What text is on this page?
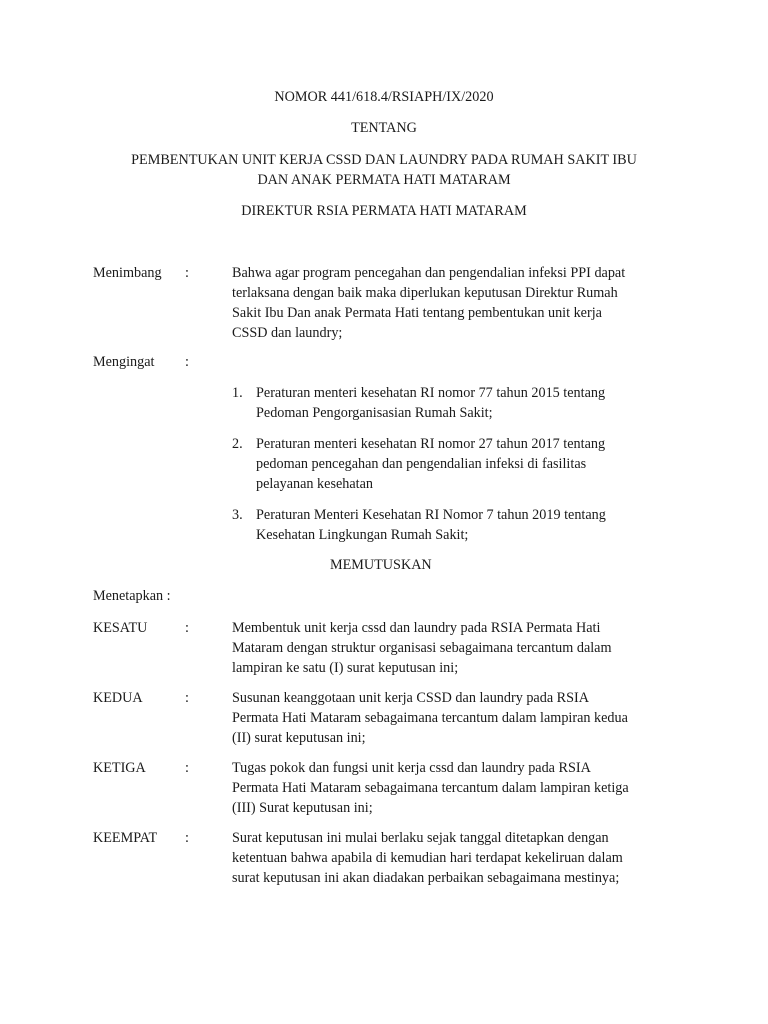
NOMOR 441/618.4/RSIAPH/IX/2020
TENTANG
PEMBENTUKAN UNIT KERJA CSSD DAN LAUNDRY PADA RUMAH SAKIT IBU
DAN ANAK PERMATA HATI MATARAM
DIREKTUR RSIA PERMATA HATI MATARAM
Menimbang :	Bahwa agar program pencegahan dan pengendalian infeksi PPI dapat
terlaksana dengan baik maka diperlukan keputusan Direktur Rumah
Sakit Ibu Dan anak Permata Hati tentang pembentukan unit kerja
CSSD dan laundry;
Mengingat :
1. Peraturan menteri kesehatan RI nomor 77 tahun 2015 tentang
Pedoman Pengorganisasian Rumah Sakit;
2. Peraturan menteri kesehatan RI nomor 27 tahun 2017 tentang
pedoman pencegahan dan pengendalian infeksi di fasilitas
pelayanan kesehatan
3. Peraturan Menteri Kesehatan RI Nomor 7 tahun 2019 tentang
Kesehatan Lingkungan Rumah Sakit;
MEMUTUSKAN
Menetapkan :
KESATU	:	Membentuk unit kerja cssd dan laundry pada RSIA Permata Hati
Mataram dengan struktur organisasi sebagaimana tercantum dalam
lampiran ke satu (I) surat keputusan ini;
KEDUA	:	Susunan keanggotaan unit kerja CSSD dan laundry pada RSIA
Permata Hati Mataram sebagaimana tercantum dalam lampiran kedua
(II) surat keputusan ini;
KETIGA	:	Tugas pokok dan fungsi unit kerja cssd dan laundry pada RSIA
Permata Hati Mataram sebagaimana tercantum dalam lampiran ketiga
(III) Surat keputusan ini;
KEEMPAT :	Surat keputusan ini mulai berlaku sejak tanggal ditetapkan dengan
ketentuan bahwa apabila di kemudian hari terdapat kekeliruan dalam
surat keputusan ini akan diadakan perbaikan sebagaimana mestinya;
